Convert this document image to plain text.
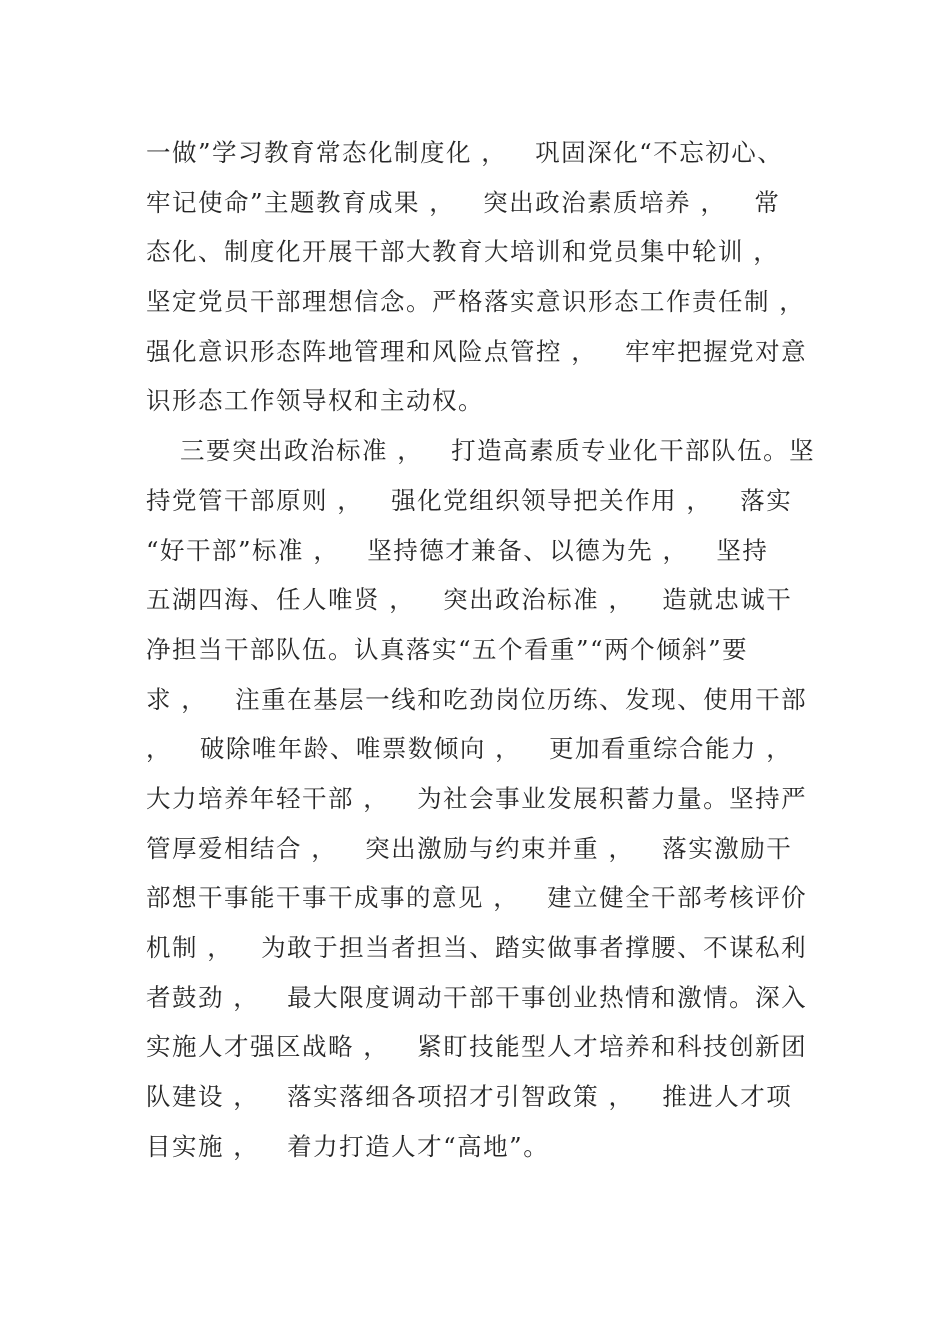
一做”学习教育常态化制度化 ，   巩固深化“不忘初心、
牢记使命”主题教育成果 ，   突出政治素质培养 ，   常
态化、制度化开展干部大教育大培训和党员集中轮训 ，
坚定党员干部理想信念。严格落实意识形态工作责任制 ，
强化意识形态阵地管理和风险点管控 ，   牢牢把握党对意
识形态工作领导权和主动权。
三要突出政治标准 ，   打造高素质专业化干部队伍。坚
持党管干部原则 ，   强化党组织领导把关作用 ，   落实
“好干部”标准 ，   坚持德才兼备、以德为先 ，   坚持
五湖四海、任人唯贤 ，   突出政治标准 ，   造就忠诚干
净担当干部队伍。认真落实“五个看重”“两个倾斜”要
求 ，   注重在基层一线和吃劲岗位历练、发现、使用干部
，   破除唯年龄、唯票数倾向 ，   更加看重综合能力 ，
大力培养年轻干部 ，   为社会事业发展积蓄力量。坚持严
管厚爱相结合 ，   突出激励与约束并重 ，   落实激励干
部想干事能干事干成事的意见 ，   建立健全干部考核评价
机制 ，   为敢于担当者担当、踏实做事者撑腰、不谋私利
者鼓劲 ，   最大限度调动干部干事创业热情和激情。深入
实施人才强区战略 ，   紧盯技能型人才培养和科技创新团
队建设 ，   落实落细各项招才引智政策 ，   推进人才项
目实施 ，   着力打造人才“高地”。
